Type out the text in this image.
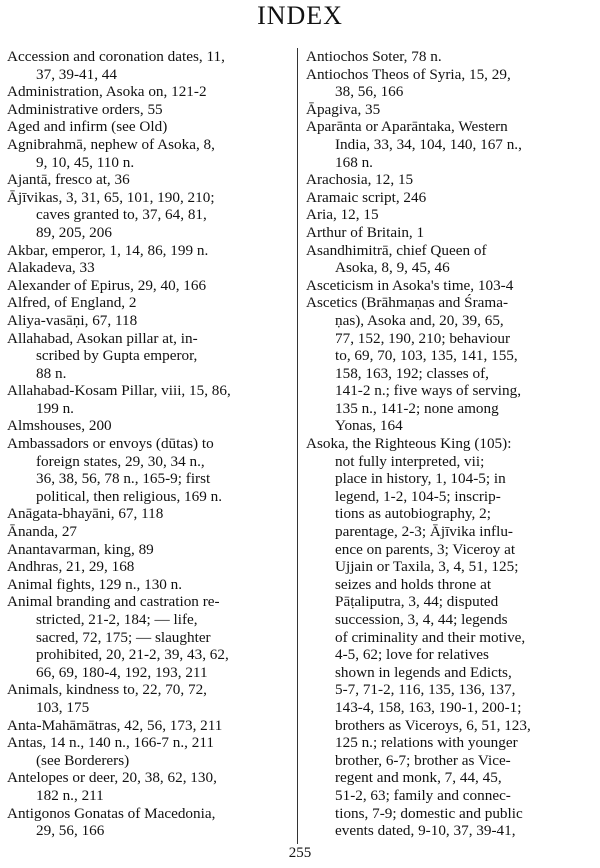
INDEX
Accession and coronation dates, 11,
37, 39-41, 44
Administration, Asoka on, 121-2
Administrative orders, 55
Aged and infirm (see Old)
Agnibrahmā, nephew of Asoka, 8,
9, 10, 45, 110 n.
Ajantā, fresco at, 36
Ājīvikas, 3, 31, 65, 101, 190, 210;
caves granted to, 37, 64, 81,
89, 205, 206
Akbar, emperor, 1, 14, 86, 199 n.
Alakadeva, 33
Alexander of Epirus, 29, 40, 166
Alfred, of England, 2
Aliya-vasāṇi, 67, 118
Allahabad, Asokan pillar at, in-
scribed by Gupta emperor,
88 n.
Allahabad-Kosam Pillar, viii, 15, 86,
199 n.
Almshouses, 200
Ambassadors or envoys (dūtas) to
foreign states, 29, 30, 34 n.,
36, 38, 56, 78 n., 165-9; first
political, then religious, 169 n.
Anāgata-bhayāni, 67, 118
Ānanda, 27
Anantavarman, king, 89
Andhras, 21, 29, 168
Animal fights, 129 n., 130 n.
Animal branding and castration re-
stricted, 21-2, 184; — life,
sacred, 72, 175; — slaughter
prohibited, 20, 21-2, 39, 43, 62,
66, 69, 180-4, 192, 193, 211
Animals, kindness to, 22, 70, 72,
103, 175
Anta-Mahāmātras, 42, 56, 173, 211
Antas, 14 n., 140 n., 166-7 n., 211
(see Borderers)
Antelopes or deer, 20, 38, 62, 130,
182 n., 211
Antigonos Gonatas of Macedonia,
29, 56, 166
Antiochos Soter, 78 n.
Antiochos Theos of Syria, 15, 29,
38, 56, 166
Āpagiva, 35
Aparānta or Aparāntaka, Western
India, 33, 34, 104, 140, 167 n.,
168 n.
Arachosia, 12, 15
Aramaic script, 246
Aria, 12, 15
Arthur of Britain, 1
Asandhimitrā, chief Queen of
Asoka, 8, 9, 45, 46
Asceticism in Asoka's time, 103-4
Ascetics (Brāhmaṇas and Śrama-
ṇas), Asoka and, 20, 39, 65,
77, 152, 190, 210; behaviour
to, 69, 70, 103, 135, 141, 155,
158, 163, 192; classes of,
141-2 n.; five ways of serving,
135 n., 141-2; none among
Yonas, 164
Asoka, the Righteous King (105):
not fully interpreted, vii;
place in history, 1, 104-5; in
legend, 1-2, 104-5; inscrip-
tions as autobiography, 2;
parentage, 2-3; Ājīvika influ-
ence on parents, 3; Viceroy at
Ujjain or Taxila, 3, 4, 51, 125;
seizes and holds throne at
Pāṭaliputra, 3, 44; disputed
succession, 3, 4, 44; legends
of criminality and their motive,
4-5, 62; love for relatives
shown in legends and Edicts,
5-7, 71-2, 116, 135, 136, 137,
143-4, 158, 163, 190-1, 200-1;
brothers as Viceroys, 6, 51, 123,
125 n.; relations with younger
brother, 6-7; brother as Vice-
regent and monk, 7, 44, 45,
51-2, 63; family and connec-
tions, 7-9; domestic and public
events dated, 9-10, 37, 39-41,
255
